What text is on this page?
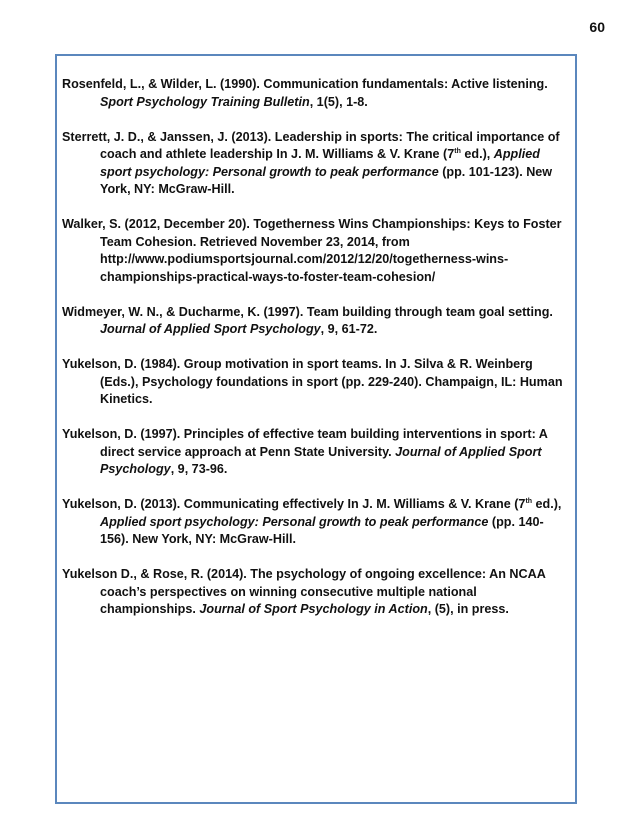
60

Rosenfeld, L., & Wilder, L. (1990). Communication fundamentals: Active listening. Sport Psychology Training Bulletin, 1(5), 1-8.

Sterrett, J. D., & Janssen, J. (2013). Leadership in sports: The critical importance of coach and athlete leadership In J. M. Williams & V. Krane (7th ed.), Applied sport psychology: Personal growth to peak performance (pp. 101-123). New York, NY: McGraw-Hill.

Walker, S. (2012, December 20). Togetherness Wins Championships: Keys to Foster Team Cohesion. Retrieved November 23, 2014, from http://www.podiumsportsjournal.com/2012/12/20/togetherness-wins-championships-practical-ways-to-foster-team-cohesion/

Widmeyer, W. N., & Ducharme, K. (1997). Team building through team goal setting. Journal of Applied Sport Psychology, 9, 61-72.

Yukelson, D. (1984). Group motivation in sport teams. In J. Silva & R. Weinberg (Eds.), Psychology foundations in sport (pp. 229-240). Champaign, IL: Human Kinetics.

Yukelson, D. (1997). Principles of effective team building interventions in sport: A direct service approach at Penn State University. Journal of Applied Sport Psychology, 9, 73-96.

Yukelson, D. (2013). Communicating effectively In J. M. Williams & V. Krane (7th ed.), Applied sport psychology: Personal growth to peak performance (pp. 140-156). New York, NY: McGraw-Hill.

Yukelson D., & Rose, R. (2014). The psychology of ongoing excellence: An NCAA coach’s perspectives on winning consecutive multiple national championships. Journal of Sport Psychology in Action, (5), in press.
